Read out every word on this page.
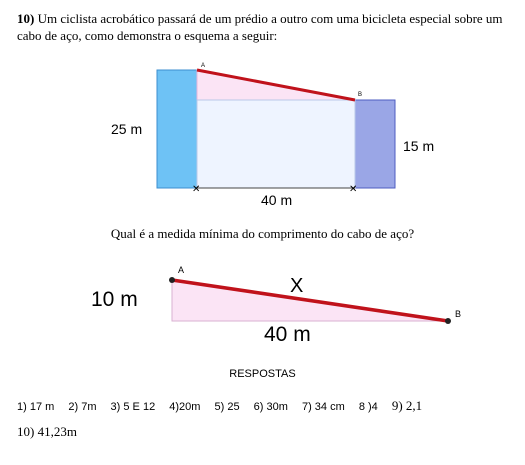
10) Um ciclista acrobático passará de um prédio a outro com uma bicicleta especial sobre um cabo de aço, como demonstra o esquema a seguir:
A
B
25 m
15 m
40 m
✕	✕
A
B
10 m
X
40 m
Qual é a medida mínima do comprimento do cabo de aço?
RESPOSTAS
1) 17 m 2) 7m 3) 5 E 12 4)20m 5) 25 6) 30m 7) 34 cm 8 )4 9) 2,1
10) 41,23m
